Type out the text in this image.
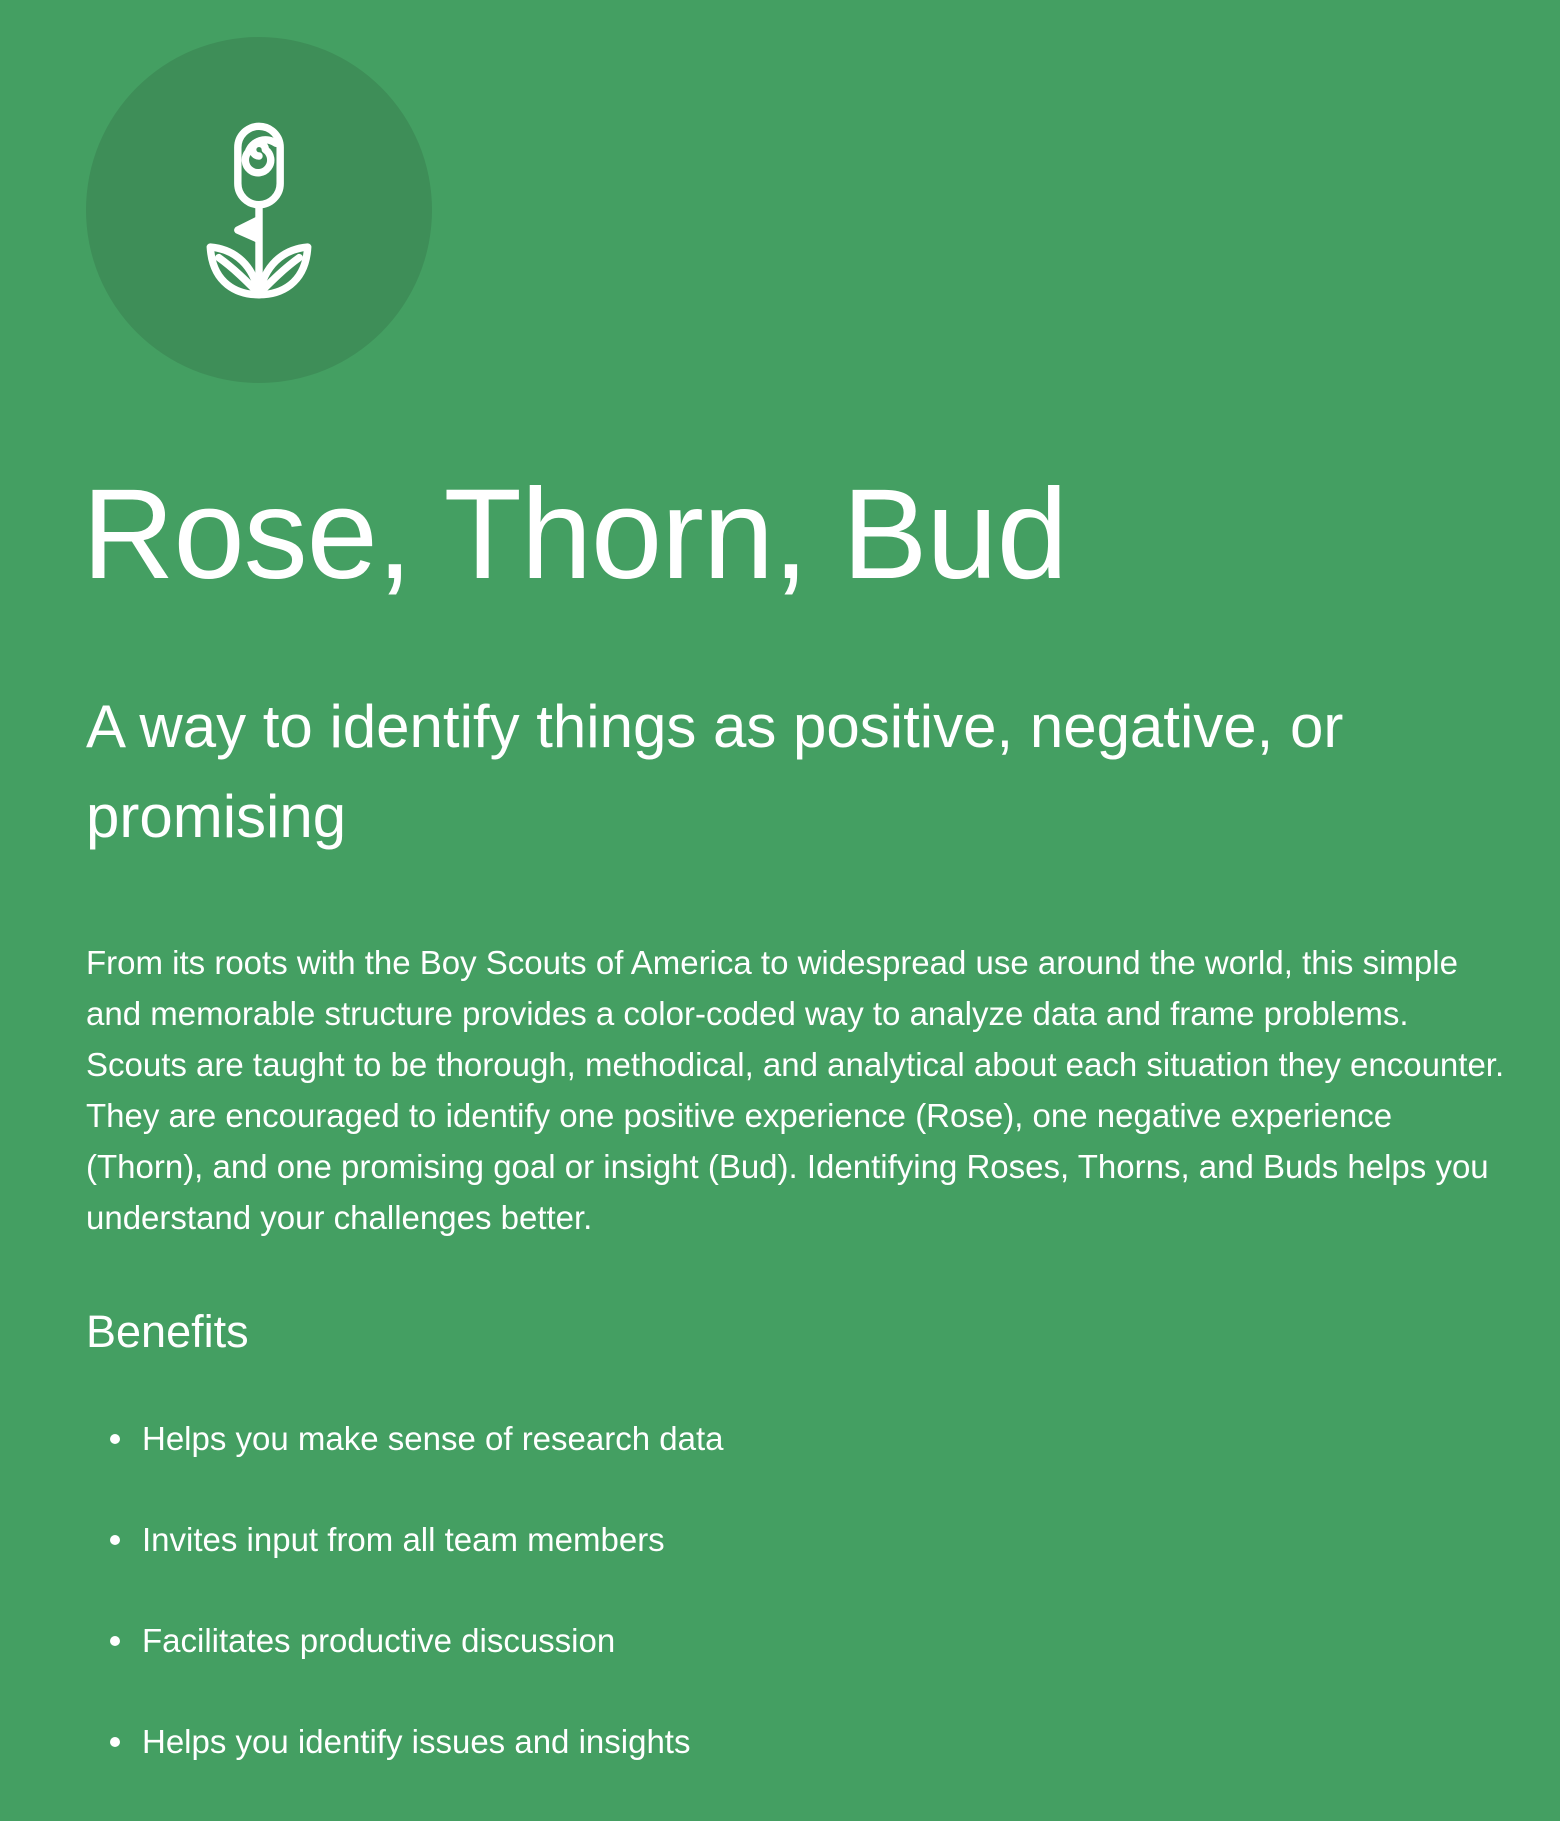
Rose, Thorn, Bud
A way to identify things as positive, negative, or promising

From its roots with the Boy Scouts of America to widespread use around the world, this simple and memorable structure provides a color-coded way to analyze data and frame problems. Scouts are taught to be thorough, methodical, and analytical about each situation they encounter. They are encouraged to identify one positive experience (Rose), one negative experience (Thorn), and one promising goal or insight (Bud). Identifying Roses, Thorns, and Buds helps you understand your challenges better.

Benefits
Helps you make sense of research data
Invites input from all team members
Facilitates productive discussion
Helps you identify issues and insights
